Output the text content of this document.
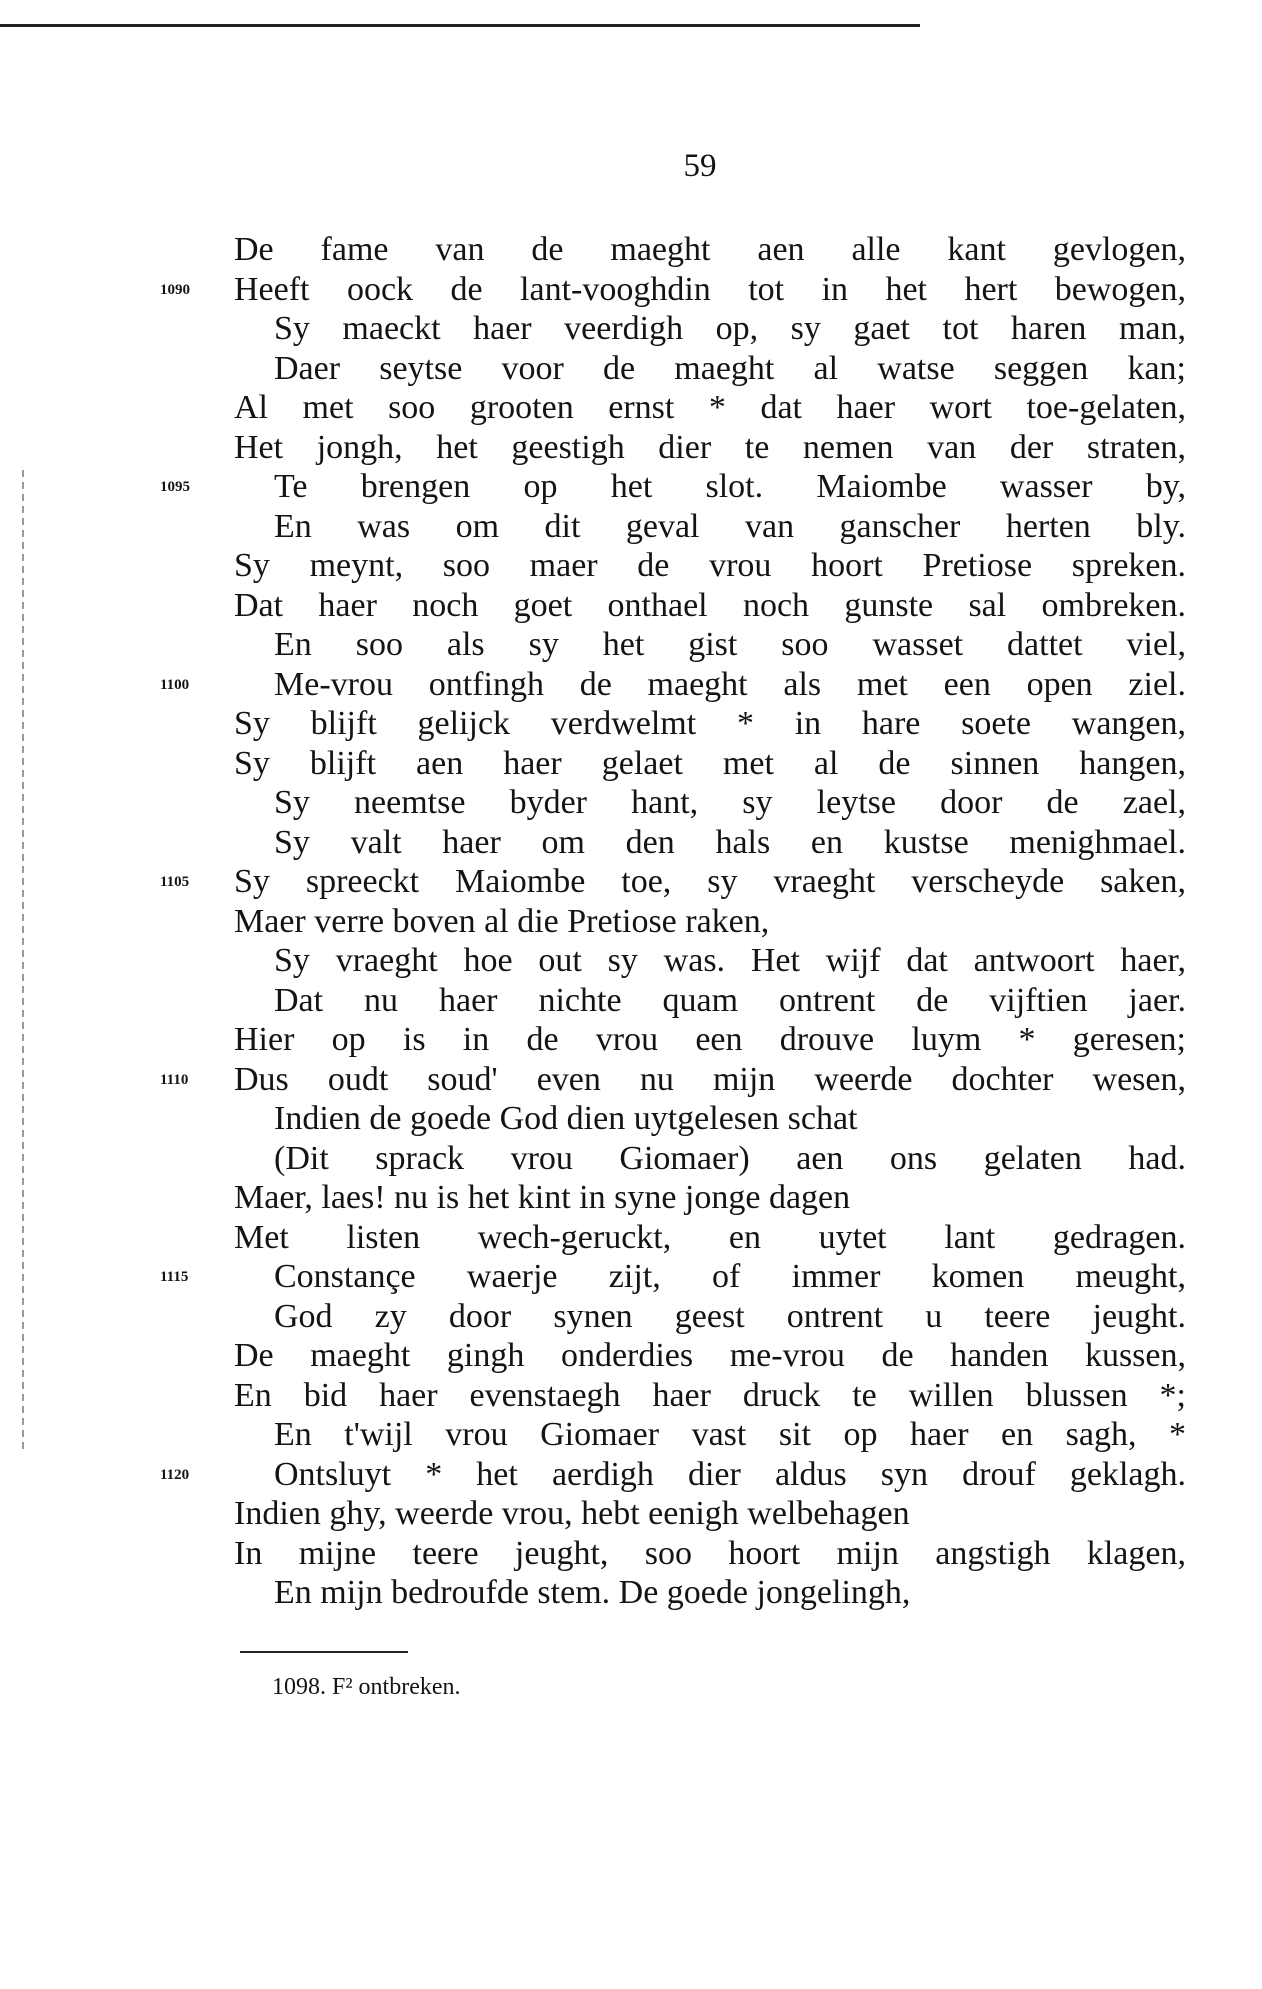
59
De fame van de maeght aen alle kant gevlogen,
1090 Heeft oock de lant-vooghdin tot in het hert bewogen,
Sy maeckt haer veerdigh op, sy gaet tot haren man,
Daer seytse voor de maeght al watse seggen kan;
Al met soo grooten ernst * dat haer wort toe-gelaten,
Het jongh, het geestigh dier te nemen van der straten,
1095 Te brengen op het slot. Maiombe wasser by,
En was om dit geval van ganscher herten bly.
Sy meynt, soo maer de vrou hoort Pretiose spreken.
Dat haer noch goet onthael noch gunste sal ombreken.
En soo als sy het gist soo wasset dattet viel,
1100 Me-vrou ontfingh de maeght als met een open ziel.
Sy blijft gelijck verdwelmt * in hare soete wangen,
Sy blijft aen haer gelaet met al de sinnen hangen,
Sy neemtse byder hant, sy leytse door de zael,
Sy valt haer om den hals en kustse menighmael.
1105 Sy spreeckt Maiombe toe, sy vraeght verscheyde saken,
Maer verre boven al die Pretiose raken,
Sy vraeght hoe out sy was. Het wijf dat antwoort haer,
Dat nu haer nichte quam ontrent de vijftien jaer.
Hier op is in de vrou een drouve luym * geresen;
1110 Dus oudt soud' even nu mijn weerde dochter wesen,
Indien de goede God dien uytgelesen schat
(Dit sprack vrou Giomaer) aen ons gelaten had.
Maer, laes! nu is het kint in syne jonge dagen
Met listen wech-geruckt, en uytet lant gedragen.
1115	Constançe waerje zijt, of immer komen meught,
God zy door synen geest ontrent u teere jeught.
De maeght gingh onderdies me-vrou de handen kussen,
En bid haer evenstaegh haer druck te willen blussen *;
En t'wijl vrou Giomaer vast sit op haer en sagh, *
1120 Ontsluyt * het aerdigh dier aldus syn drouf geklagh.
Indien ghy, weerde vrou, hebt eenigh welbehagen
In mijne teere jeught, soo hoort mijn angstigh klagen,
En mijn bedroufde stem. De goede jongelingh,
1098. F² ontbreken.
